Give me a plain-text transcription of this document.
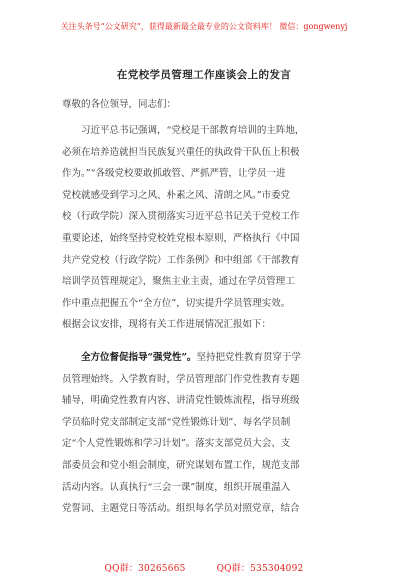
关注头条号“公文研究”，获得最新最全最专业的公文资料库！ 微信：gongwenyj
在党校学员管理工作座谈会上的发言
尊敬的各位领导，同志们：

习近平总书记强调，“党校是干部教育培训的主阵地，
必须在培养造就担当民族复兴重任的执政骨干队伍上积极
作为。”“各级党校要敢抓敢管、严抓严管，让学员一进
党校就感受到学习之风、朴素之风、清朗之风。”市委党
校（行政学院）深入贯彻落实习近平总书记关于党校工作
重要论述，始终坚持党校姓党根本原则，严格执行《中国
共产党党校（行政学院）工作条例》和中组部《干部教育
培训学员管理规定》，聚焦主业主责，通过在学员管理工
作中重点把握五个“全方位”，切实提升学员管理实效。
根据会议安排，现将有关工作进展情况汇报如下：

全方位督促指导“强党性”。坚持把党性教育贯穿于学
员管理始终。入学教育时，学员管理部门作党性教育专题
辅导，明确党性教育内容、讲清党性锻炼流程，指导班级
学员临时党支部制定支部“党性锻炼计划”、每名学员制
定“个人党性锻炼和学习计划”。落实支部党员大会、支
部委员会和党小组会制度，研究谋划布置工作，规范支部
活动内容。认真执行“三会一课”制度，组织开展重温入
党誓词、主题党日等活动。组织每名学员对照党章，结合

QQ群：30265665	QQ群：535304092
